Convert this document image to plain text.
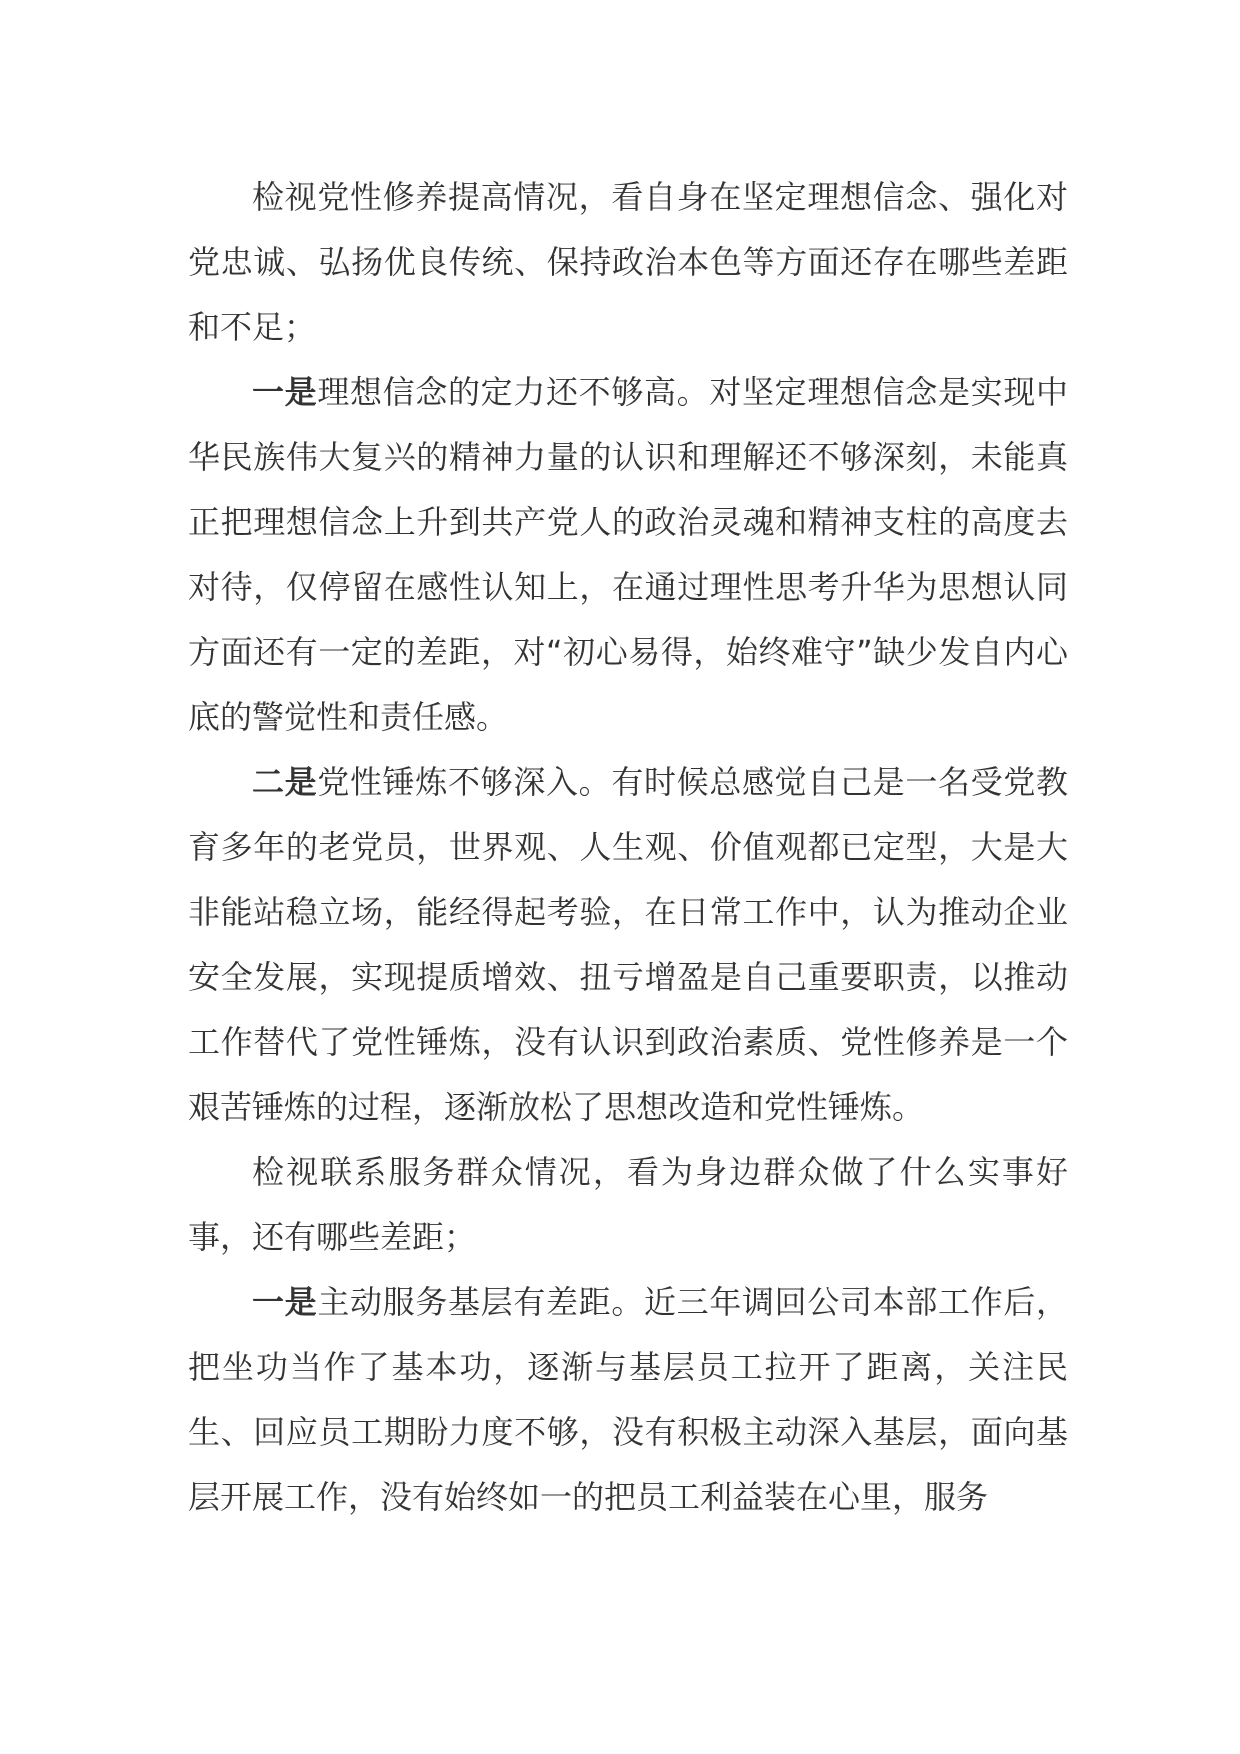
检视党性修养提高情况，看自身在坚定理想信念、强化对党忠诚、弘扬优良传统、保持政治本色等方面还存在哪些差距和不足；

一是理想信念的定力还不够高。对坚定理想信念是实现中华民族伟大复兴的精神力量的认识和理解还不够深刻，未能真正把理想信念上升到共产党人的政治灵魂和精神支柱的高度去对待，仅停留在感性认知上，在通过理性思考升华为思想认同方面还有一定的差距，对“初心易得，始终难守”缺少发自内心底的警觉性和责任感。

二是党性锤炼不够深入。有时候总感觉自己是一名受党教育多年的老党员，世界观、人生观、价值观都已定型，大是大非能站稳立场，能经得起考验，在日常工作中，认为推动企业安全发展，实现提质增效、扭亏增盈是自己重要职责，以推动工作替代了党性锤炼，没有认识到政治素质、党性修养是一个艰苦锤炼的过程，逐渐放松了思想改造和党性锤炼。

检视联系服务群众情况，看为身边群众做了什么实事好事，还有哪些差距；

一是主动服务基层有差距。近三年调回公司本部工作后，把坐功当作了基本功，逐渐与基层员工拉开了距离，关注民生、回应员工期盼力度不够，没有积极主动深入基层，面向基层开展工作，没有始终如一的把员工利益装在心里，服务
